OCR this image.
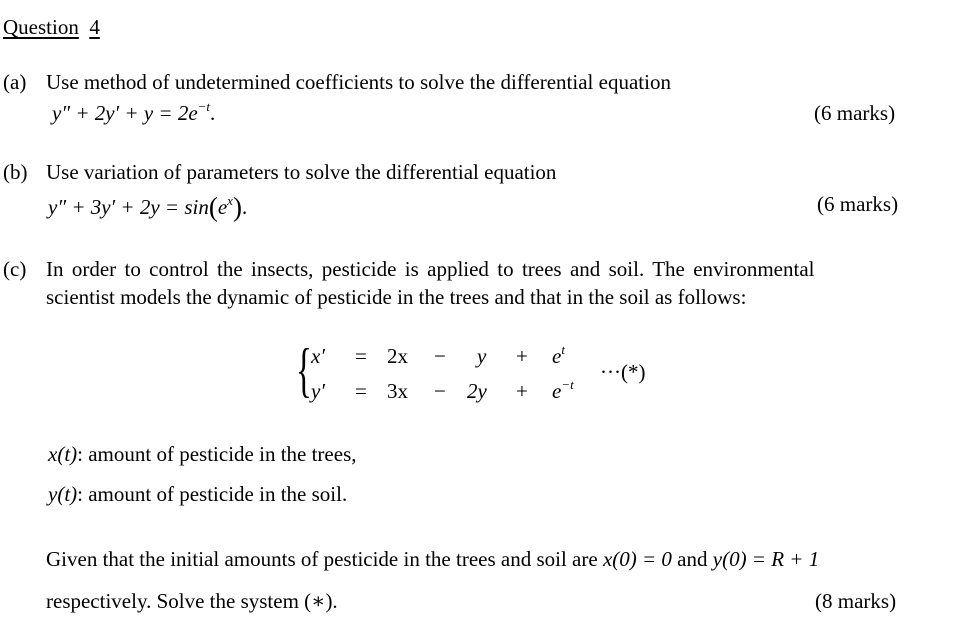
Question 4
(a) Use method of undetermined coefficients to solve the differential equation
$y'' + 2y' + y = 2e^{-t}$.	(6 marks)
(b) Use variation of parameters to solve the differential equation
$y'' + 3y' + 2y = \sin(e^x)$.	(6 marks)
(c) In order to control the insects, pesticide is applied to trees and soil. The environmental
scientist models the dynamic of pesticide in the trees and that in the soil as follows:
{ $x' = 2x - y + e^t$
$y' = 3x - 2y + e^{-t}$
···(*)
x(t): amount of pesticide in the trees,
y(t): amount of pesticide in the soil.
Given that the initial amounts of pesticide in the trees and soil are x(0) = 0 and y(0) = R + 1
respectively. Solve the system (∗).	(8 marks)
